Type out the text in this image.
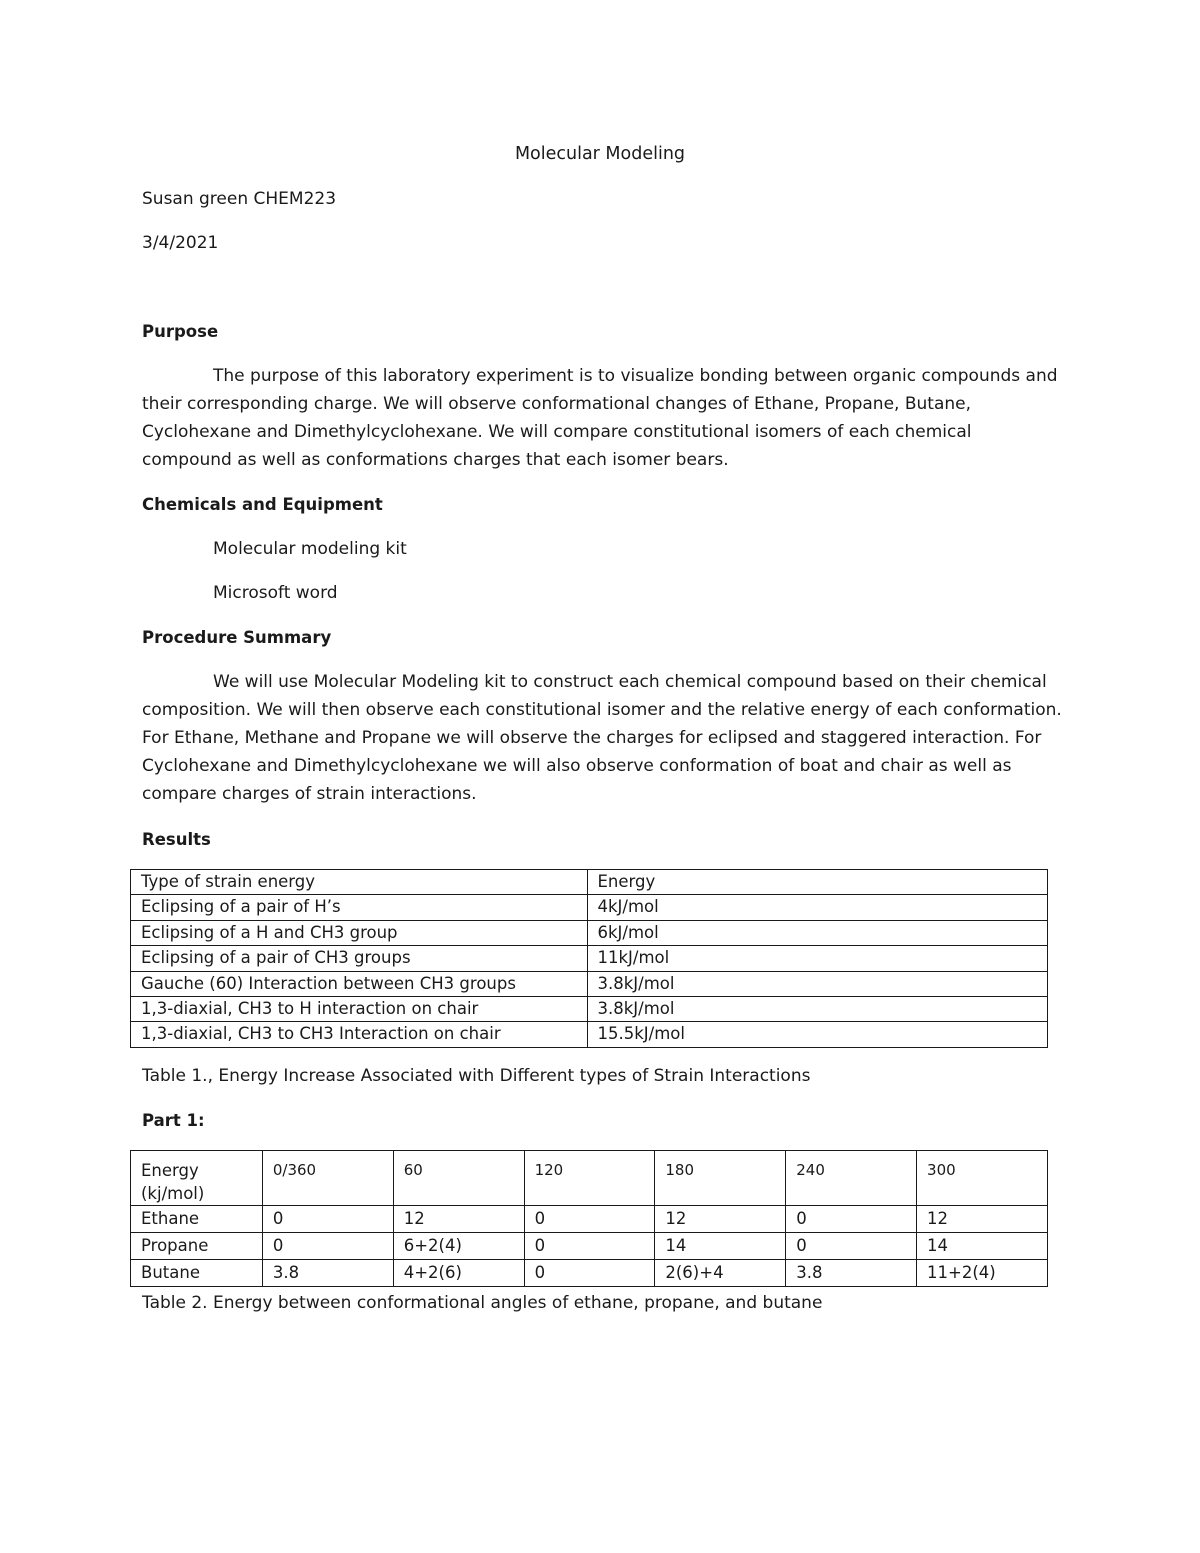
Molecular Modeling
Susan green CHEM223
3/4/2021
Purpose
The purpose of this laboratory experiment is to visualize bonding between organic compounds and their corresponding charge. We will observe conformational changes of Ethane, Propane, Butane, Cyclohexane and Dimethylcyclohexane. We will compare constitutional isomers of each chemical compound as well as conformations charges that each isomer bears.
Chemicals and Equipment
Molecular modeling kit
Microsoft word
Procedure Summary
We will use Molecular Modeling kit to construct each chemical compound based on their chemical composition. We will then observe each constitutional isomer and the relative energy of each conformation. For Ethane, Methane and Propane we will observe the charges for eclipsed and staggered interaction. For Cyclohexane and Dimethylcyclohexane we will also observe conformation of boat and chair as well as compare charges of strain interactions.
Results
Type of strain energy	Energy
Eclipsing of a pair of H’s	4kJ/mol
Eclipsing of a H and CH3 group	6kJ/mol
Eclipsing of a pair of CH3 groups	11kJ/mol
Gauche (60) Interaction between CH3 groups	3.8kJ/mol
1,3-diaxial, CH3 to H interaction on chair	3.8kJ/mol
1,3-diaxial, CH3 to CH3 Interaction on chair	15.5kJ/mol
Table 1., Energy Increase Associated with Different types of Strain Interactions
Part 1:
Energy
(kj/mol)	0/360	60	120	180	240	300
Ethane	0	12	0	12	0	12
Propane	0	6+2(4)	0	14	0	14
Butane	3.8	4+2(6)	0	2(6)+4	3.8	11+2(4)
Table 2. Energy between conformational angles of ethane, propane, and butane
